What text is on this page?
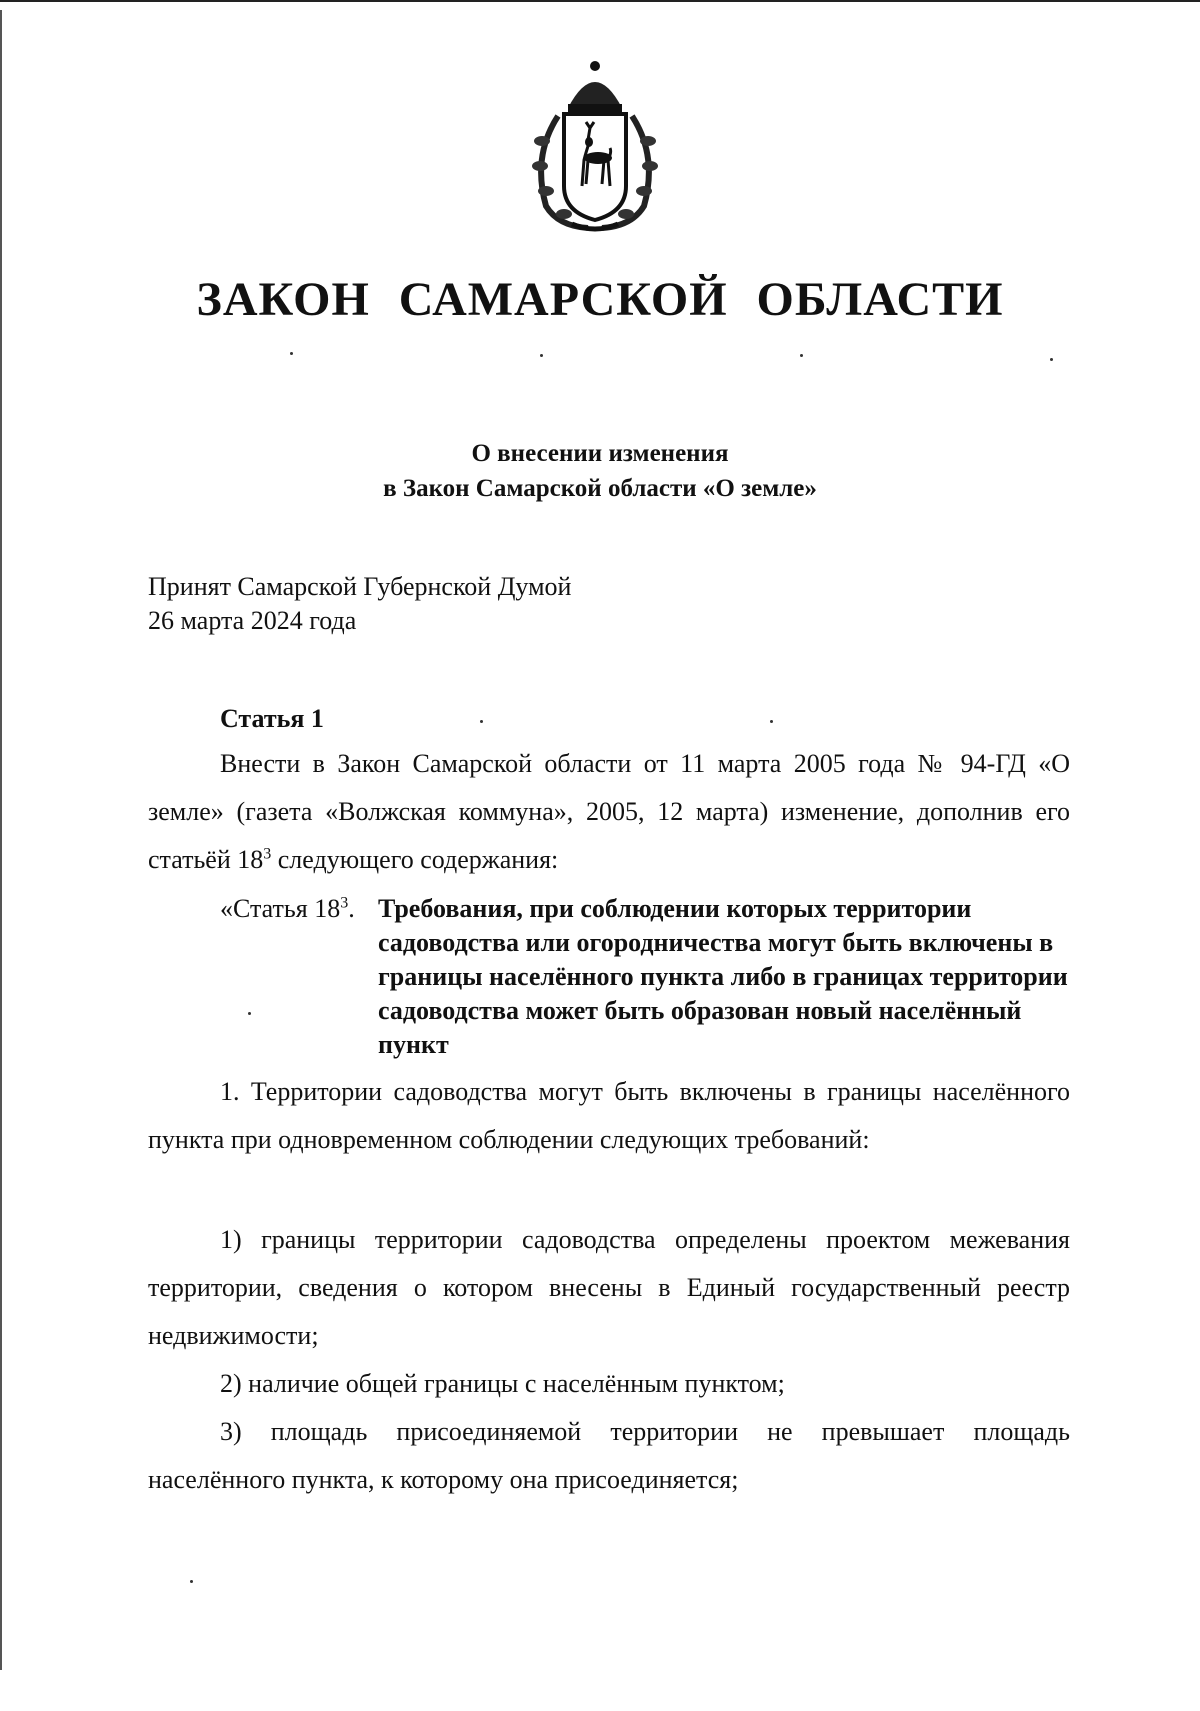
ЗАКОН САМАРСКОЙ ОБЛАСТИ
О внесении изменения
в Закон Самарской области «О земле»
Принят Самарской Губернской Думой
26 марта 2024 года
Статья 1
Внести в Закон Самарской области от 11 марта 2005 года № 94-ГД «О земле» (газета «Волжская коммуна», 2005, 12 марта) изменение, дополнив его статьёй $18^3$ следующего содержания:
«Статья $18^3$. Требования, при соблюдении которых территории садоводства или огородничества могут быть включены в границы населённого пункта либо в границах территории садоводства может быть образован новый населённый пункт
1. Территории садоводства могут быть включены в границы населённого пункта при одновременном соблюдении следующих требований:
1) границы территории садоводства определены проектом межевания территории, сведения о котором внесены в Единый государственный реестр недвижимости;
2) наличие общей границы с населённым пунктом;
3) площадь присоединяемой территории не превышает площадь населённого пункта, к которому она присоединяется;
